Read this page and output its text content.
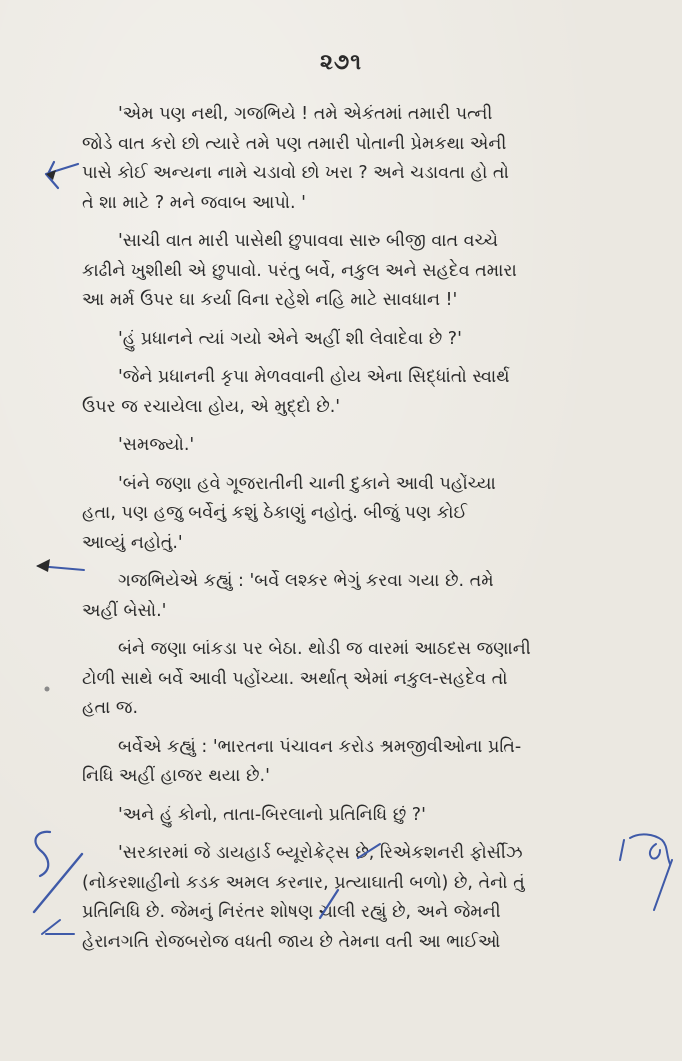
૨૭૧
'એમ પણ નથી, ગજભિયે ! તમે એકંતમાં તમારી પત્ની
જોડે વાત કરો છો ત્યારે તમે પણ તમારી પોતાની પ્રેમકથા એની
પાસે કોઈ અન્યના નામે ચડાવો છો ખરા ? અને ચડાવતા હો તો
તે શા માટે ? મને જવાબ આપો. '
'સાચી વાત મારી પાસેથી છુપાવવા સારુ બીજી વાત વચ્ચે
કાઢીને ખુશીથી એ છુપાવો. પરંતુ બર્વે, નકુલ અને સહદેવ તમારા
આ મર્મ ઉપર ઘા કર્યા વિના રહેશે નહિ માટે સાવધાન !'
'હું પ્રધાનને ત્યાં ગયો એને અહીં શી લેવાદેવા છે ?'
'જેને પ્રધાનની કૃપા મેળવવાની હોય એના સિદ્ધાંતો સ્વાર્થ
ઉપર જ રચાયેલા હોય, એ મુદ્દો છે.'
'સમજ્યો.'
'બંને જણા હવે ગૂજરાતીની ચાની દુકાને આવી પહોંચ્યા
હતા, પણ હજુ બર્વેનું કશું ઠેકાણું નહોતું. બીજું પણ કોઈ
આવ્યું નહોતું.'
ગજભિયેએ કહ્યું : 'બર્વે લશ્કર ભેગું કરવા ગયા છે. તમે
અહીં બેસો.'
બંને જણા બાંકડા પર બેઠા. થોડી જ વારમાં આઠદસ જણાની
ટોળી સાથે બર્વે આવી પહોંચ્યા. અર્થાત્ એમાં નકુલ-સહદેવ તો
હતા જ.
બર્વેએ કહ્યું : 'ભારતના પંચાવન કરોડ શ્રમજીવીઓના પ્રતિ-
નિધિ અહીં હાજર થયા છે.'
'અને હું કોનો, તાતા-બિરલાનો પ્રતિનિધિ છું ?'
'સરકારમાં જે ડાયહાર્ડ બ્યૂરોક્રેટ્સ છે, રિએકશનરી ફોર્સીઝ
(નોકરશાહીનો કડક અમલ કરનાર, પ્રત્યાઘાતી બળો) છે, તેનો તું
પ્રતિનિધિ છે. જેમનું નિરંતર શોષણ ચાલી રહ્યું છે, અને જેમની
હેરાનગતિ રોજબરોજ વધતી જાય છે તેમના વતી આ ભાઈઓ
